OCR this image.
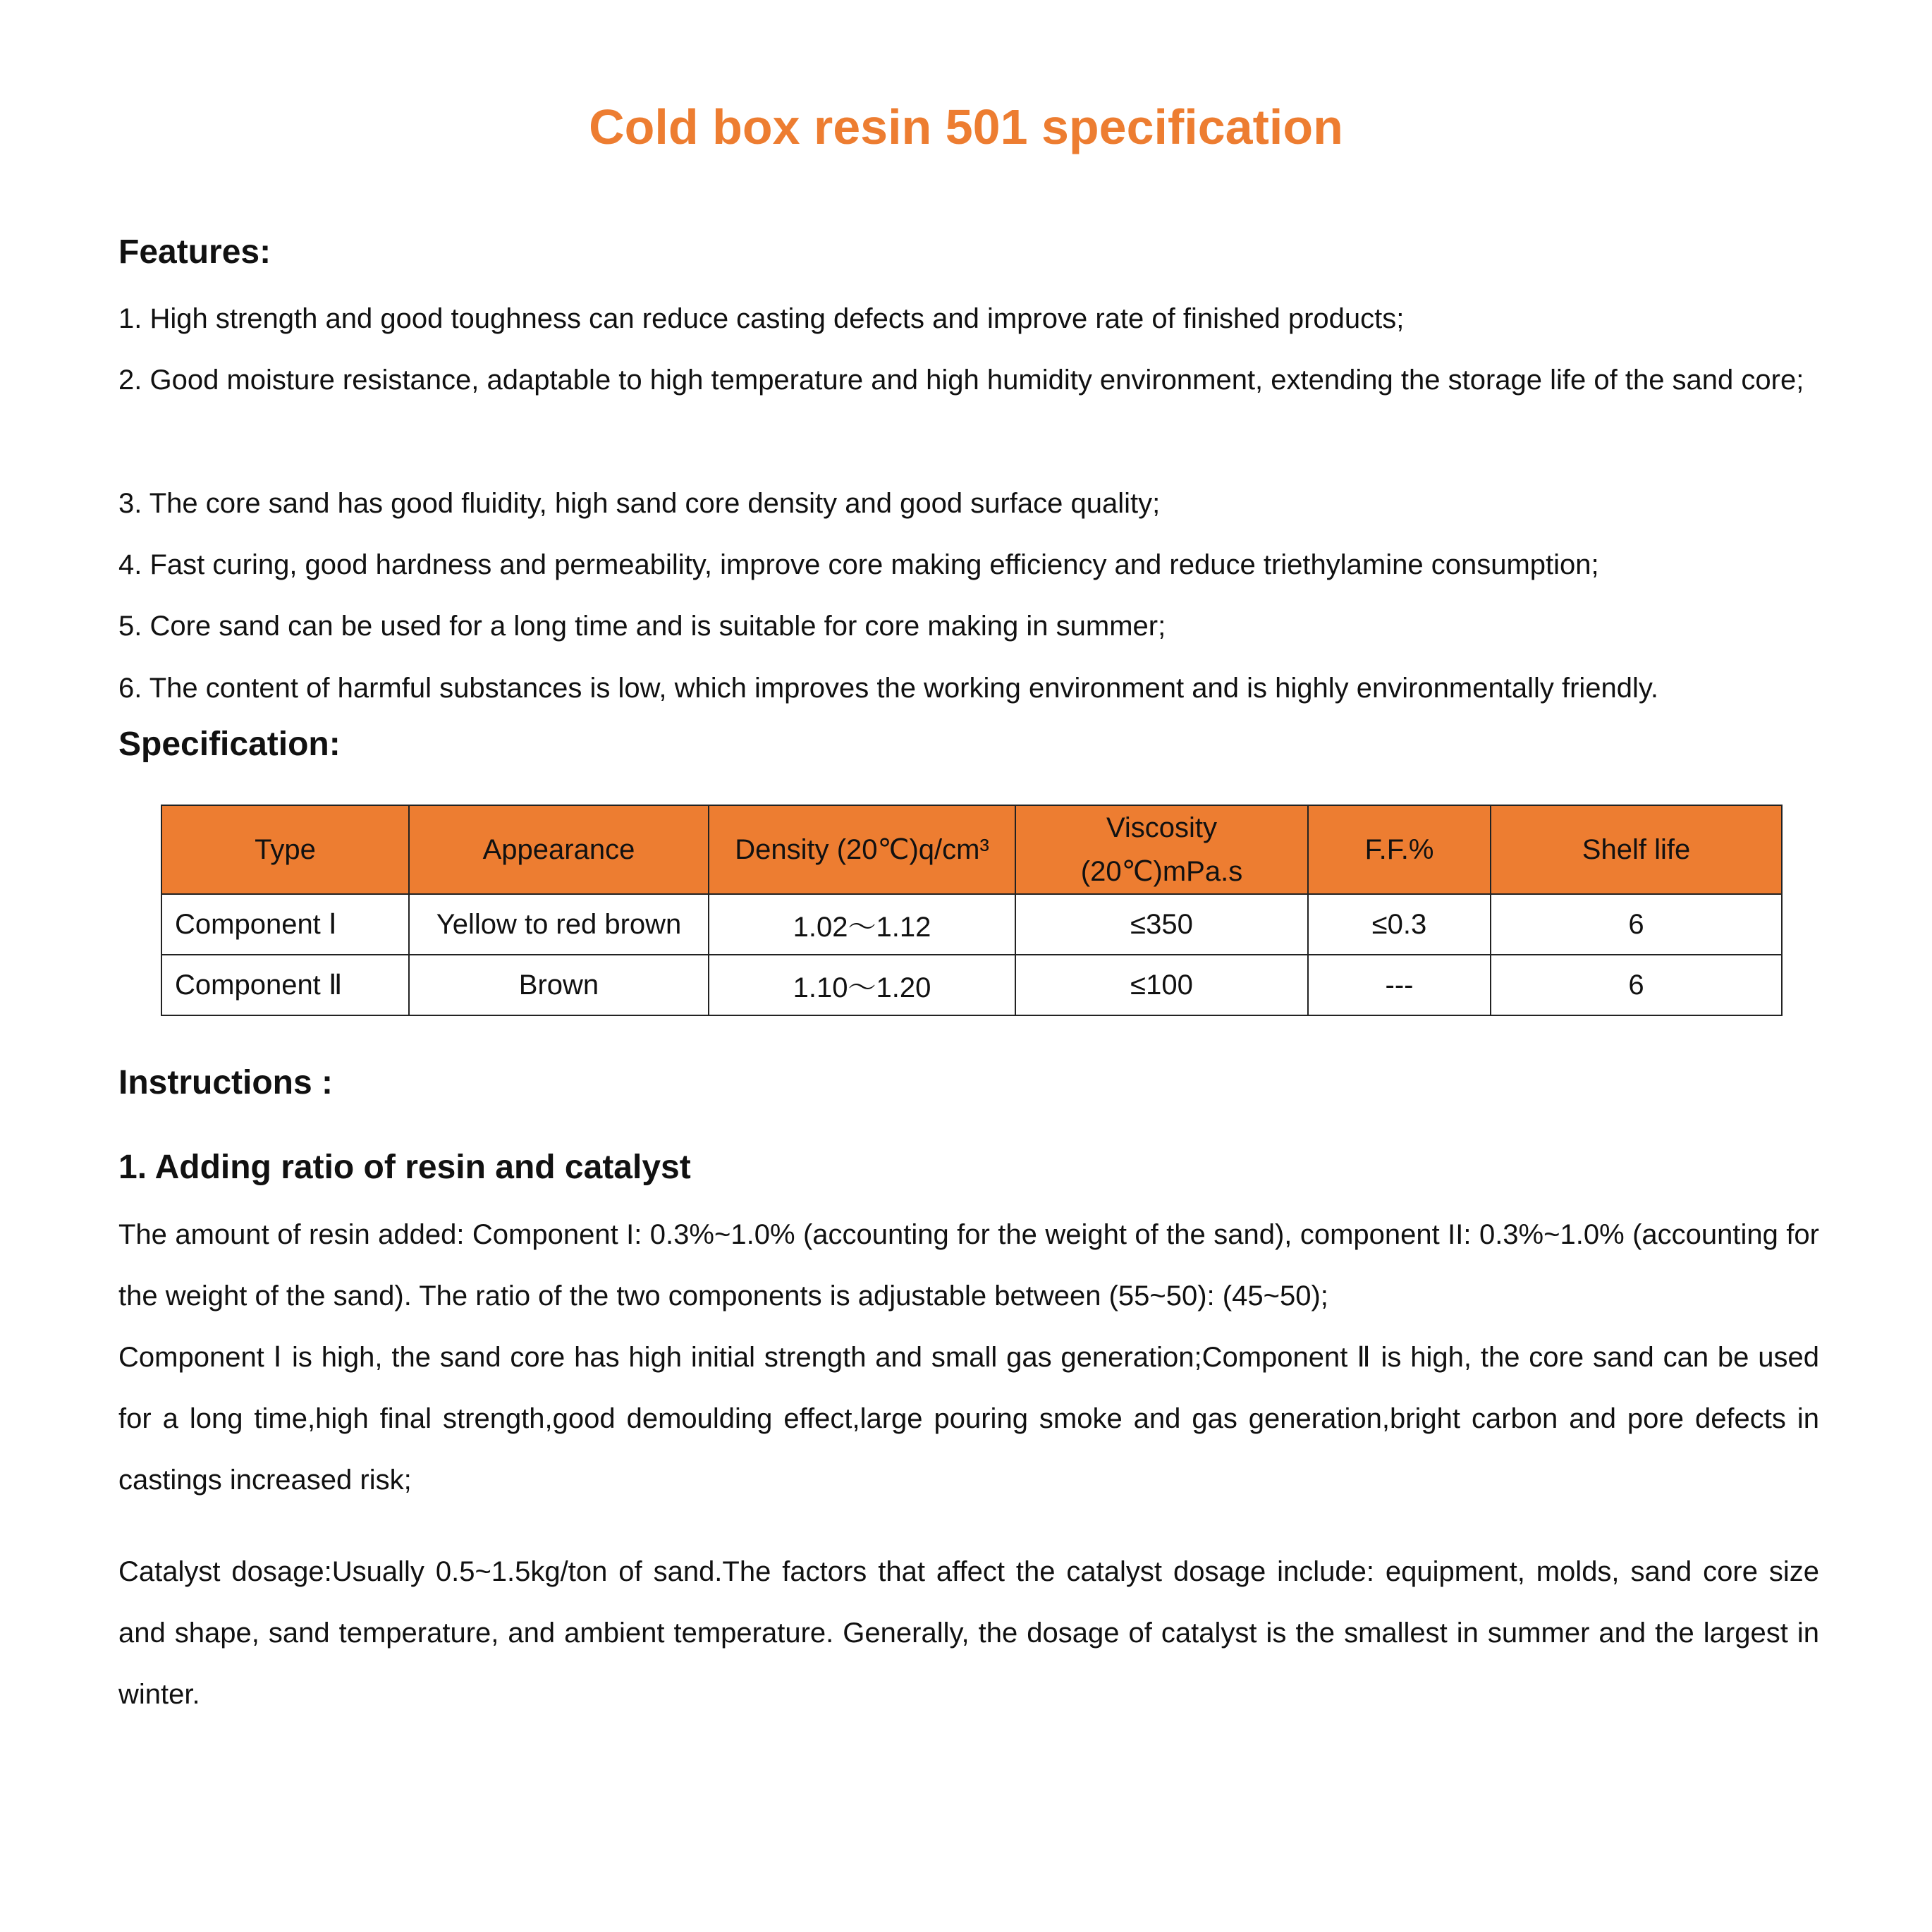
Cold box resin 501 specification
Features:
1. High strength and good toughness can reduce casting defects and improve rate of finished products;
2. Good moisture resistance, adaptable to high temperature and high humidity environment, extending the storage life of the sand core;
3. The core sand has good fluidity, high sand core density and good surface quality;
4. Fast curing, good hardness and permeability, improve core making efficiency and reduce triethylamine consumption;
5. Core sand can be used for a long time and is suitable for core making in summer;
6. The content of harmful substances is low, which improves the working environment and is highly environmentally friendly.
Specification:
Type	Appearance	Density (20℃)q/cm³	Viscosity (20℃)mPa.s	F.F.%	Shelf life
Component Ⅰ	Yellow to red brown	1.02～1.12	≤350	≤0.3	6
Component Ⅱ	Brown	1.10～1.20	≤100	---	6
Instructions :
1. Adding ratio of resin and catalyst
The amount of resin added: Component I: 0.3%~1.0% (accounting for the weight of the sand), component II: 0.3%~1.0% (accounting for the weight of the sand). The ratio of the two components is adjustable between (55~50): (45~50);
Component Ⅰ is high, the sand core has high initial strength and small gas generation;Component Ⅱ is high, the core sand can be used for a long time,high final strength,good demoulding effect,large pouring smoke and gas generation,bright carbon and pore defects in castings increased risk;
Catalyst dosage:Usually 0.5~1.5kg/ton of sand.The factors that affect the catalyst dosage include: equipment, molds, sand core size and shape, sand temperature, and ambient temperature. Generally, the dosage of catalyst is the smallest in summer and the largest in winter.
